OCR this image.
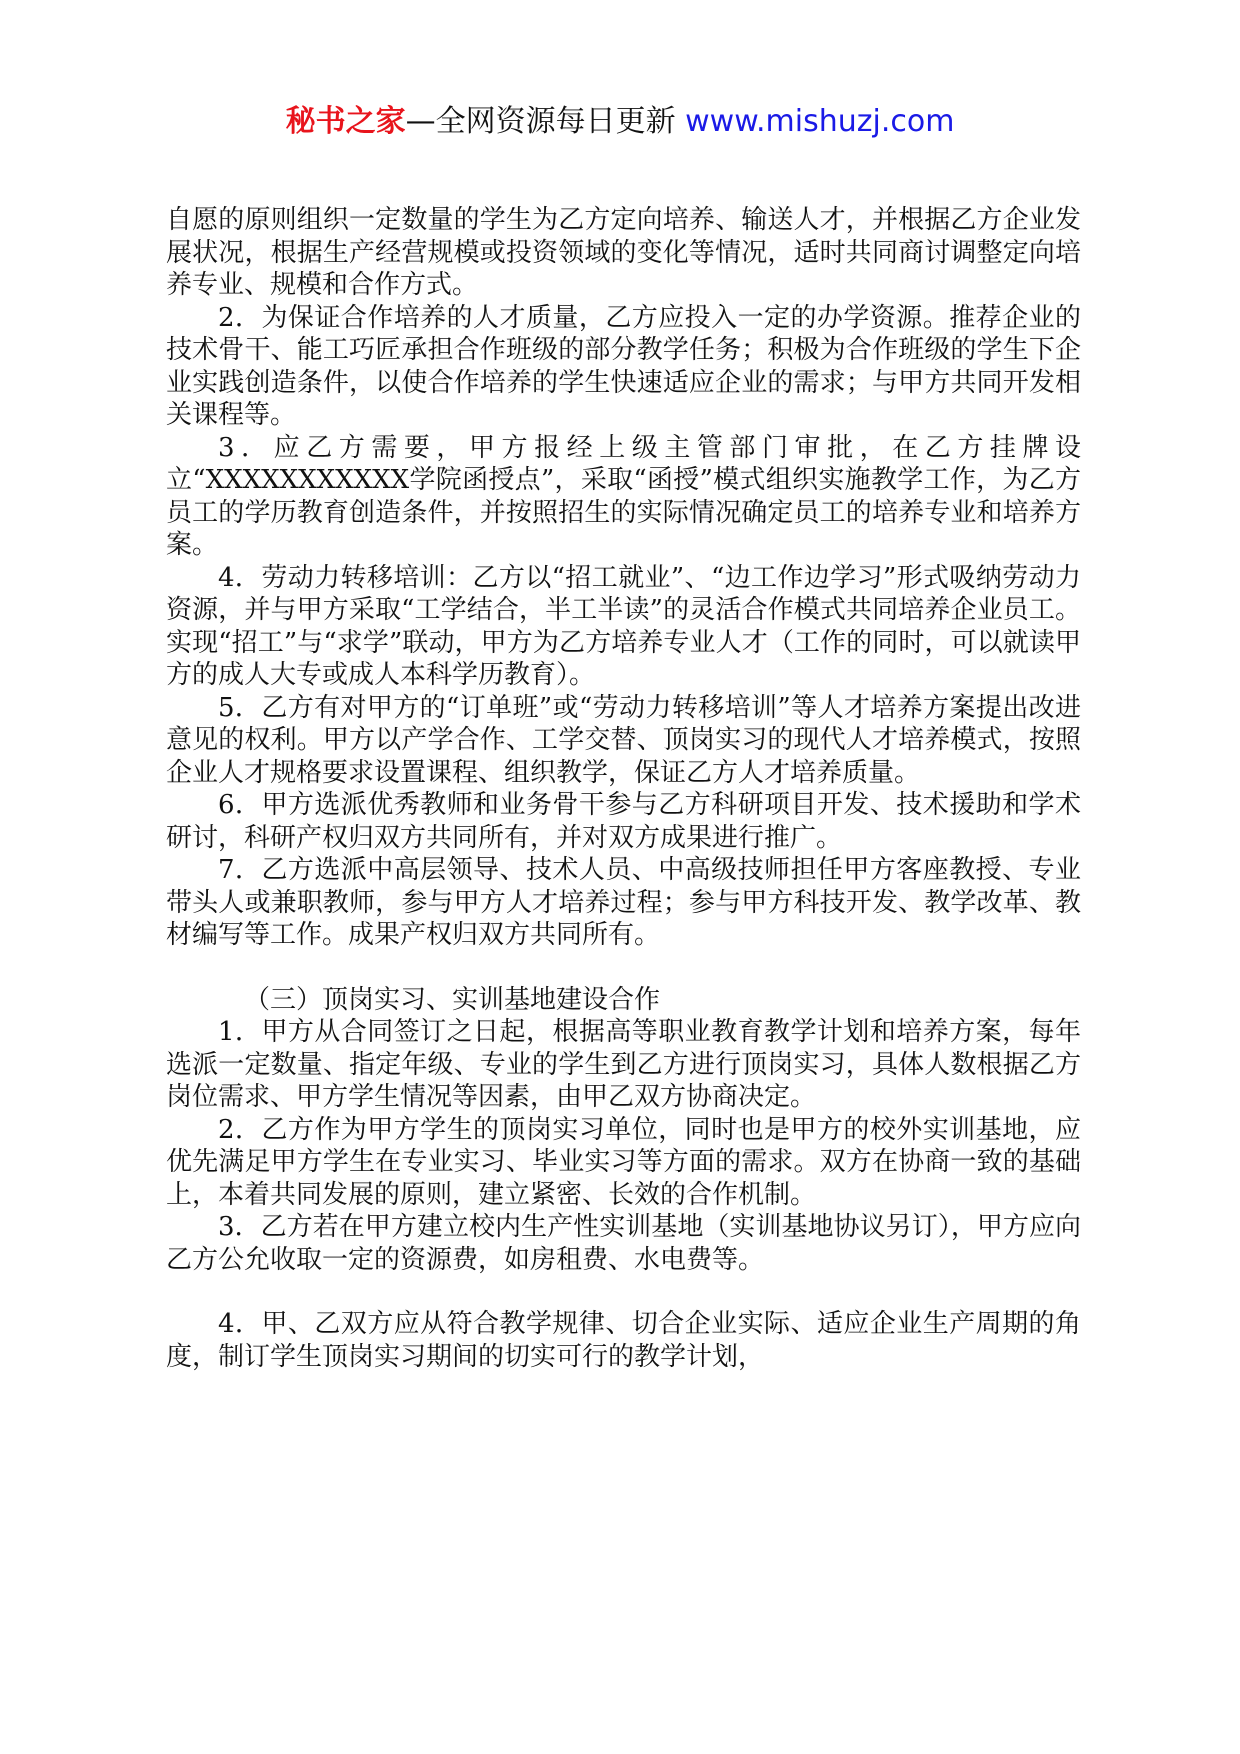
秘书之家—全网资源每日更新 www.mishuzj.com

自愿的原则组织一定数量的学生为乙方定向培养、输送人才，并根据乙方企业发展状况，根据生产经营规模或投资领域的变化等情况，适时共同商讨调整定向培养专业、规模和合作方式。

2．为保证合作培养的人才质量，乙方应投入一定的办学资源。推荐企业的技术骨干、能工巧匠承担合作班级的部分教学任务；积极为合作班级的学生下企业实践创造条件，以使合作培养的学生快速适应企业的需求；与甲方共同开发相关课程等。

3．应乙方需要，甲方报经上级主管部门审批，在乙方挂牌设立“XXXXXXXXXXX学院函授点”，采取“函授”模式组织实施教学工作，为乙方员工的学历教育创造条件，并按照招生的实际情况确定员工的培养专业和培养方案。

4．劳动力转移培训：乙方以“招工就业”、“边工作边学习”形式吸纳劳动力资源，并与甲方采取“工学结合，半工半读”的灵活合作模式共同培养企业员工。实现“招工”与“求学”联动，甲方为乙方培养专业人才（工作的同时，可以就读甲方的成人大专或成人本科学历教育）。

5．乙方有对甲方的“订单班”或“劳动力转移培训”等人才培养方案提出改进意见的权利。甲方以产学合作、工学交替、顶岗实习的现代人才培养模式，按照企业人才规格要求设置课程、组织教学，保证乙方人才培养质量。

6．甲方选派优秀教师和业务骨干参与乙方科研项目开发、技术援助和学术研讨，科研产权归双方共同所有，并对双方成果进行推广。

7．乙方选派中高层领导、技术人员、中高级技师担任甲方客座教授、专业带头人或兼职教师，参与甲方人才培养过程；参与甲方科技开发、教学改革、教材编写等工作。成果产权归双方共同所有。

（三）顶岗实习、实训基地建设合作

1．甲方从合同签订之日起，根据高等职业教育教学计划和培养方案，每年选派一定数量、指定年级、专业的学生到乙方进行顶岗实习，具体人数根据乙方岗位需求、甲方学生情况等因素，由甲乙双方协商决定。

2．乙方作为甲方学生的顶岗实习单位，同时也是甲方的校外实训基地，应优先满足甲方学生在专业实习、毕业实习等方面的需求。双方在协商一致的基础上，本着共同发展的原则，建立紧密、长效的合作机制。

3．乙方若在甲方建立校内生产性实训基地（实训基地协议另订），甲方应向乙方公允收取一定的资源费，如房租费、水电费等。

4．甲、乙双方应从符合教学规律、切合企业实际、适应企业生产周期的角度，制订学生顶岗实习期间的切实可行的教学计划，
